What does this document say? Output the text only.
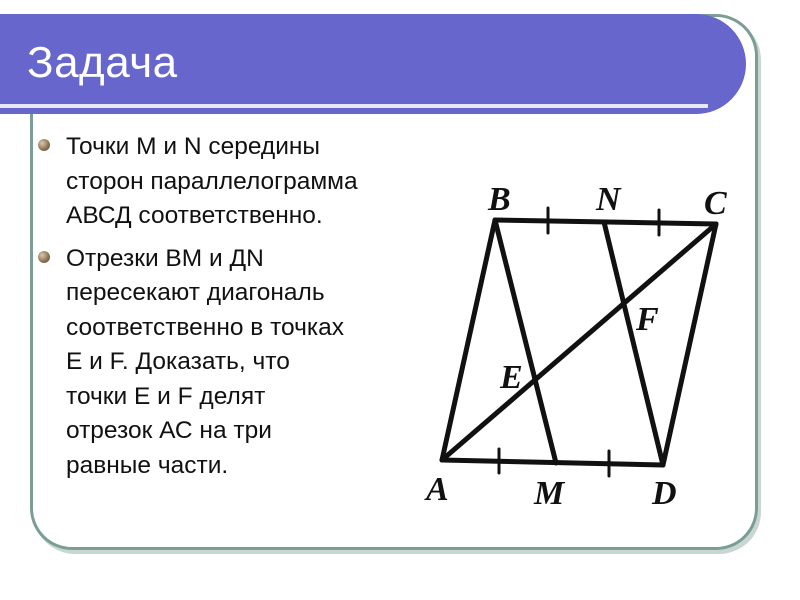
Задача
Точки М и N середины
сторон параллелограмма
АВСД соответственно.
Отрезки ВМ и ДN
пересекают диагональ
соответственно в точках
Е и F. Доказать, что
точки Е и F делят
отрезок АС на три
равные части.
B	N C
F
E
A	M	D
